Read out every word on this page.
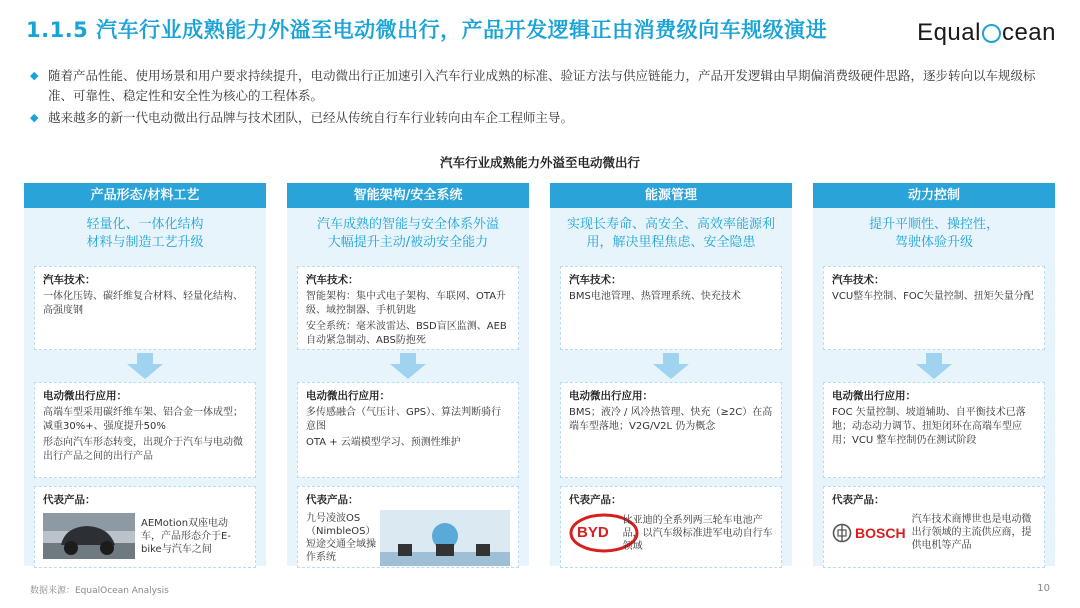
1.1.5 汽车行业成熟能力外溢至电动微出行，产品开发逻辑正由消费级向车规级演进	Equal cean
◆ 随着产品性能、使用场景和用户要求持续提升，电动微出行正加速引入汽车行业成熟的标准、验证方法与供应链能力，产品开发逻辑由早期偏消费级硬件思路，逐步转向以车规级标准、可靠性、稳定性和安全性为核心的工程体系。
◆ 越来越多的新一代电动微出行品牌与技术团队，已经从传统自行车行业转向由车企工程师主导。
汽车行业成熟能力外溢至电动微出行
产品形态/材料工艺
轻量化、一体化结构
材料与制造工艺升级
汽车技术：

一体化压铸、碳纤维复合材料、轻量化结构、高强度钢

电动微出行应用：

高端车型采用碳纤维车架、铝合金一体成型；减重30%+、强度提升50%

形态向汽车形态转变，出现介于汽车与电动微出行产品之间的出行产品

代表产品：
AEMotion双座电动车，产品形态介于E-bike与汽车之间
智能架构/安全系统
汽车成熟的智能与安全体系外溢
大幅提升主动/被动安全能力
汽车技术：

智能架构：集中式电子架构、车联网、OTA升级、域控制器、手机钥匙

安全系统：毫米波雷达、BSD盲区监测、AEB自动紧急制动、ABS防抱死

电动微出行应用：

多传感融合（气压计、GPS）、算法判断骑行意图

OTA + 云端模型学习、预测性维护

代表产品：
九号凌波OS（NimbleOS）短途交通全域操作系统
能源管理
实现长寿命、高安全、高效率能源利用，解决里程焦虑、安全隐患
汽车技术：

BMS电池管理、热管理系统、快充技术

电动微出行应用：

BMS；液冷 / 风冷热管理、快充（≥2C）在高端车型落地；V2G/V2L 仍为概念

代表产品：
BYD
比亚迪的全系列两三轮车电池产品，以汽车级标准进军电动自行车领域
动力控制
提升平顺性、操控性，
驾驶体验升级
汽车技术：

VCU整车控制、FOC矢量控制、扭矩矢量分配

电动微出行应用：

FOC 矢量控制、坡道辅助、自平衡技术已落地；动态动力调节、扭矩闭环在高端车型应用；VCU 整车控制仍在测试阶段

代表产品：
BOSCH
汽车技术商博世也是电动微出行领域的主流供应商，提供电机等产品
数据来源：EqualOcean Analysis	10
